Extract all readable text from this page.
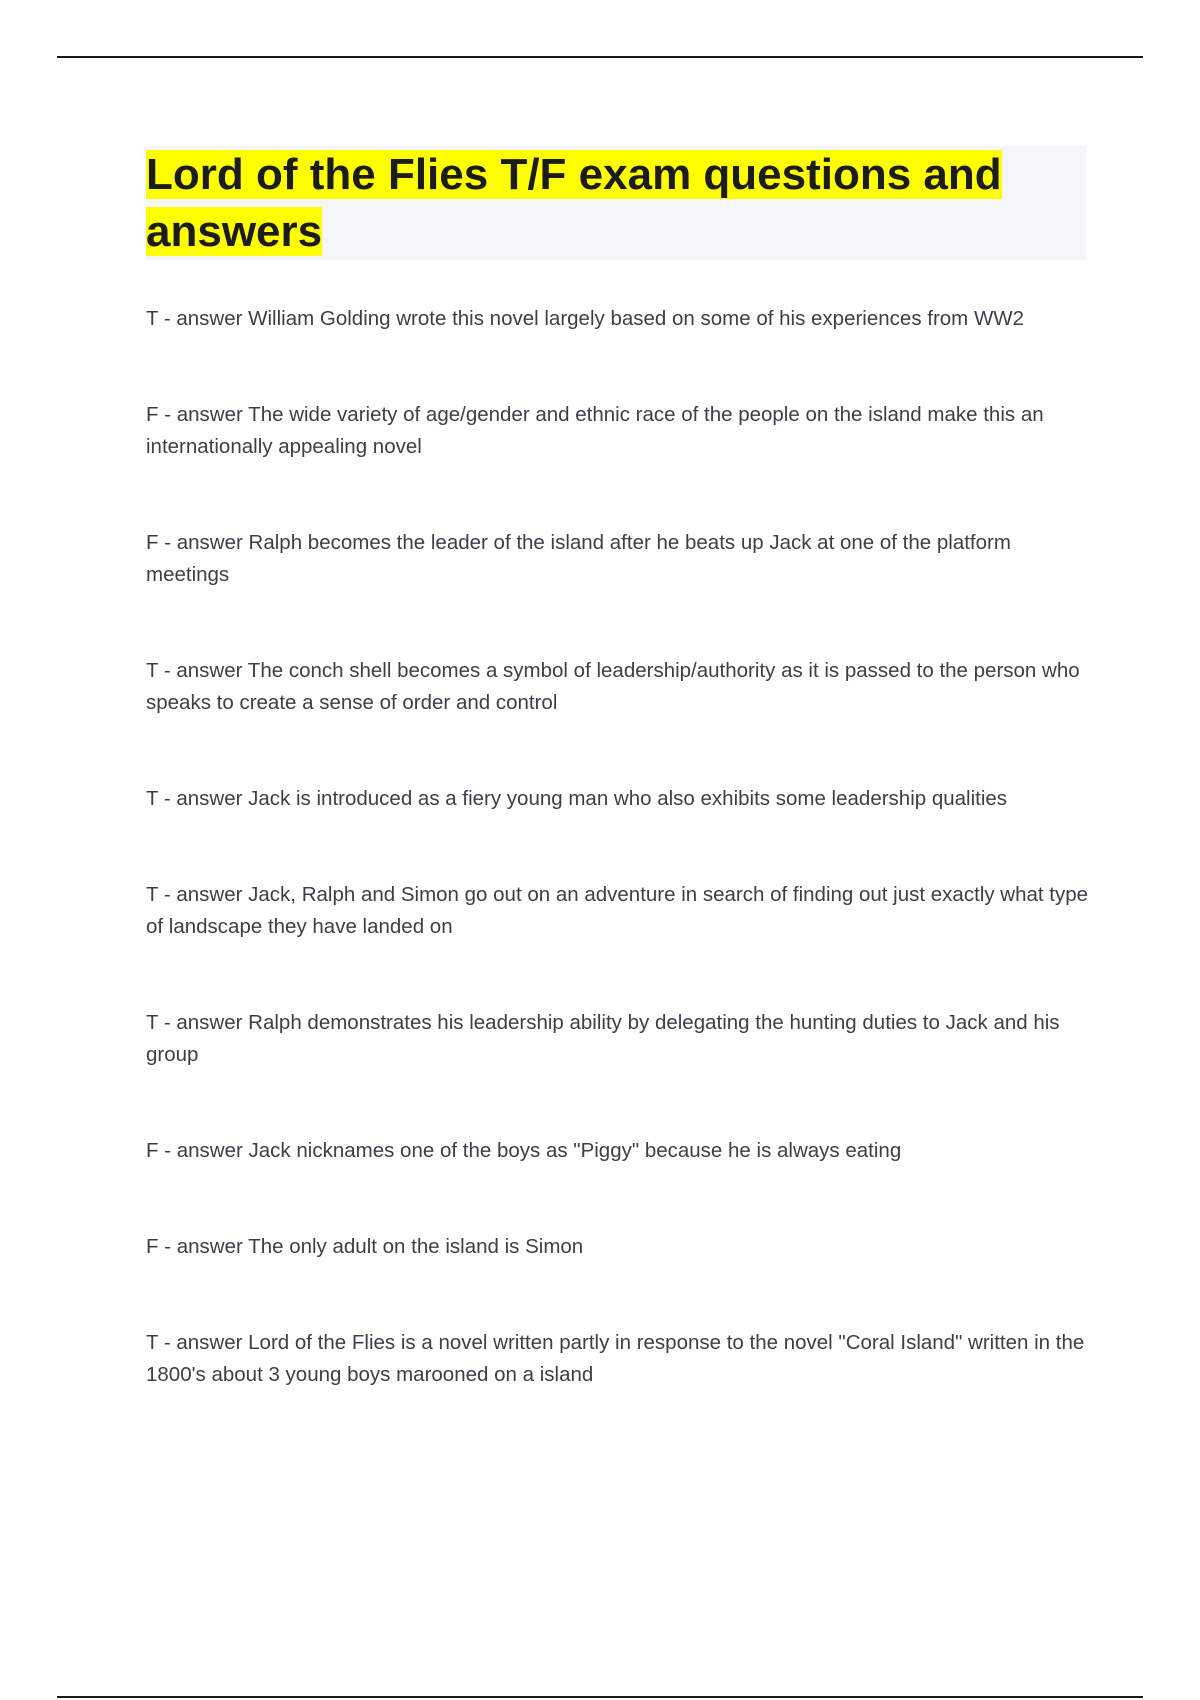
Lord of the Flies T/F exam questions and answers
T - answer William Golding wrote this novel largely based on some of his experiences from WW2
F - answer The wide variety of age/gender and ethnic race of the people on the island make this an internationally appealing novel
F - answer Ralph becomes the leader of the island after he beats up Jack at one of the platform meetings
T - answer The conch shell becomes a symbol of leadership/authority as it is passed to the person who speaks to create a sense of order and control
T - answer Jack is introduced as a fiery young man who also exhibits some leadership qualities
T - answer Jack, Ralph and Simon go out on an adventure in search of finding out just exactly what type of landscape they have landed on
T - answer Ralph demonstrates his leadership ability by delegating the hunting duties to Jack and his group
F - answer Jack nicknames one of the boys as "Piggy" because he is always eating
F - answer The only adult on the island is Simon
T - answer Lord of the Flies is a novel written partly in response to the novel "Coral Island" written in the 1800's about 3 young boys marooned on a island
